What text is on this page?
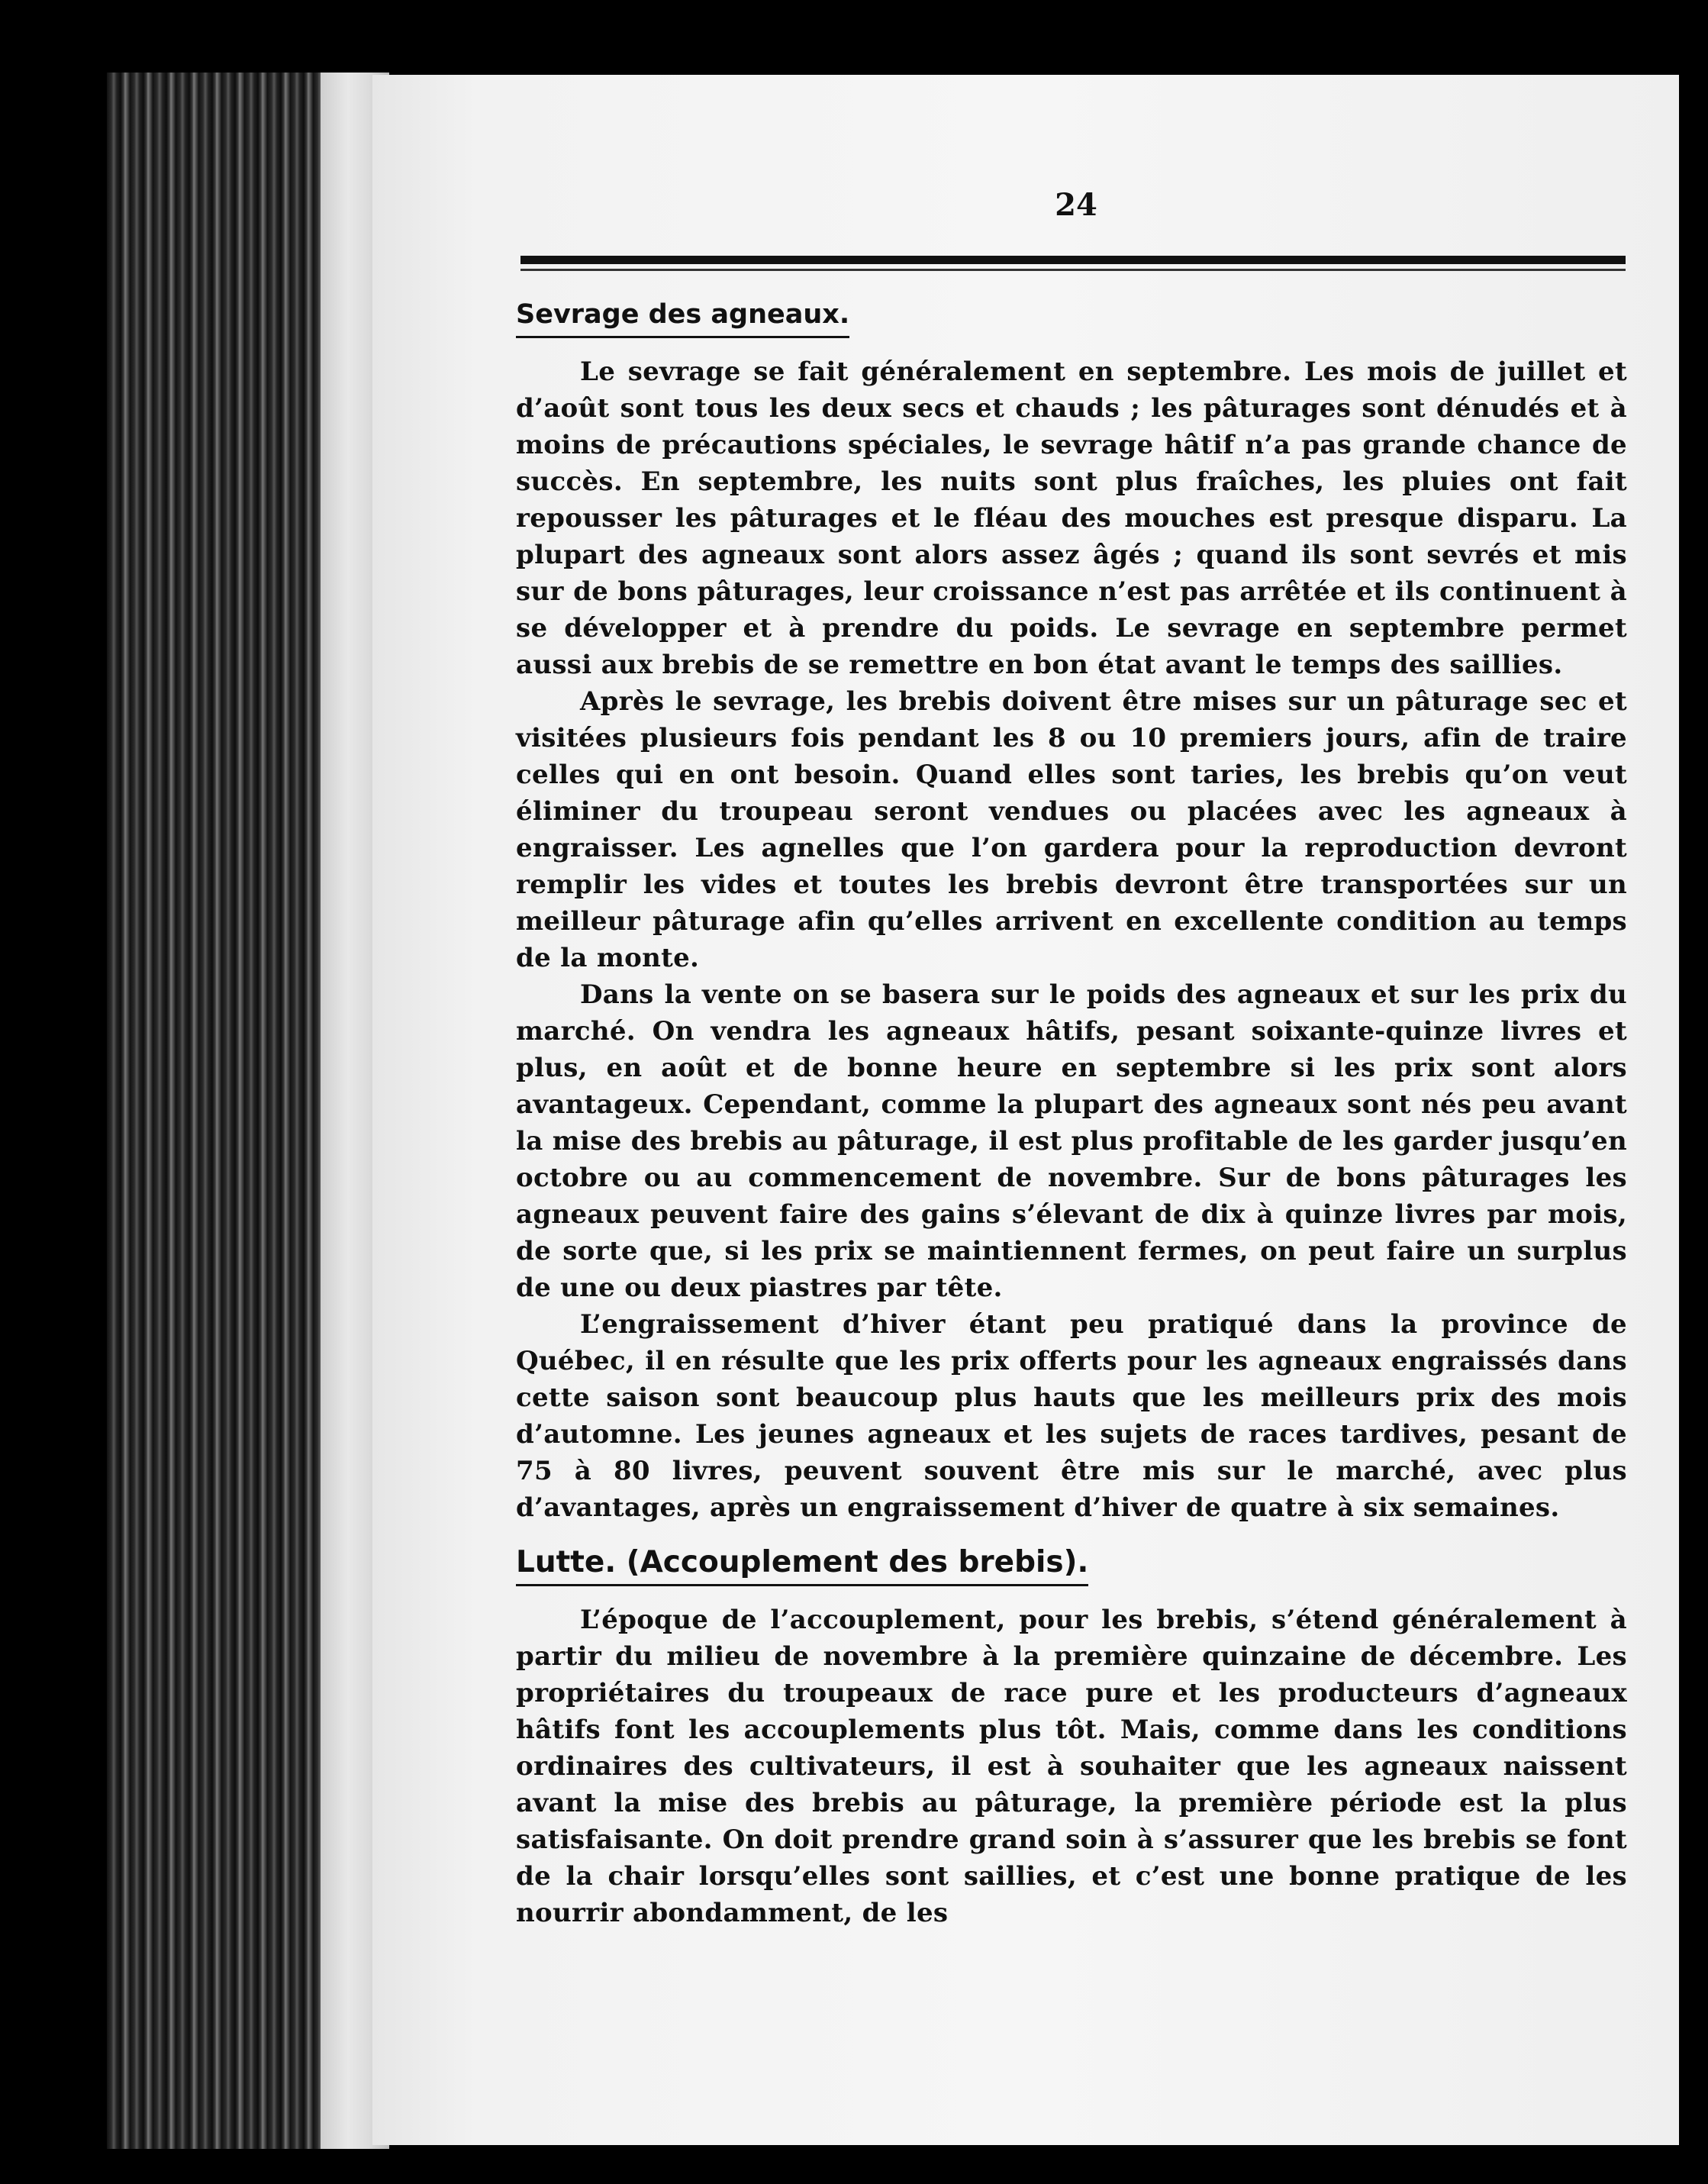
24
Sevrage des agneaux.

Le sevrage se fait généralement en septembre. Les mois de juillet et d’août sont tous les deux secs et chauds ; les pâturages sont dénudés et à moins de précautions spéciales, le sevrage hâtif n’a pas grande chance de succès. En septembre, les nuits sont plus fraîches, les pluies ont fait repousser les pâturages et le fléau des mouches est presque disparu. La plupart des agneaux sont alors assez âgés ; quand ils sont sevrés et mis sur de bons pâturages, leur croissance n’est pas arrêtée et ils continuent à se développer et à prendre du poids. Le sevrage en septembre permet aussi aux brebis de se remettre en bon état avant le temps des saillies.

Après le sevrage, les brebis doivent être mises sur un pâturage sec et visitées plusieurs fois pendant les 8 ou 10 premiers jours, afin de traire celles qui en ont besoin. Quand elles sont taries, les brebis qu’on veut éliminer du troupeau seront vendues ou placées avec les agneaux à engraisser. Les agnelles que l’on gardera pour la reproduction devront remplir les vides et toutes les brebis devront être transportées sur un meilleur pâturage afin qu’elles arrivent en excellente condition au temps de la monte.

Dans la vente on se basera sur le poids des agneaux et sur les prix du marché. On vendra les agneaux hâtifs, pesant soixante-quinze livres et plus, en août et de bonne heure en septembre si les prix sont alors avantageux. Cependant, comme la plupart des agneaux sont nés peu avant la mise des brebis au pâturage, il est plus profitable de les garder jusqu’en octobre ou au commencement de novembre. Sur de bons pâturages les agneaux peuvent faire des gains s’élevant de dix à quinze livres par mois, de sorte que, si les prix se maintiennent fermes, on peut faire un surplus de une ou deux piastres par tête.

L’engraissement d’hiver étant peu pratiqué dans la province de Québec, il en résulte que les prix offerts pour les agneaux engraissés dans cette saison sont beaucoup plus hauts que les meilleurs prix des mois d’automne. Les jeunes agneaux et les sujets de races tardives, pesant de 75 à 80 livres, peuvent souvent être mis sur le marché, avec plus d’avantages, après un engraissement d’hiver de quatre à six semaines.

Lutte. (Accouplement des brebis).

L’époque de l’accouplement, pour les brebis, s’étend généralement à partir du milieu de novembre à la première quinzaine de décembre. Les propriétaires du troupeaux de race pure et les producteurs d’agneaux hâtifs font les accouplements plus tôt. Mais, comme dans les conditions ordinaires des cultivateurs, il est à souhaiter que les agneaux naissent avant la mise des brebis au pâturage, la première période est la plus satisfaisante. On doit prendre grand soin à s’assurer que les brebis se font de la chair lorsqu’elles sont saillies, et c’est une bonne pratique de les nourrir abondamment, de les
